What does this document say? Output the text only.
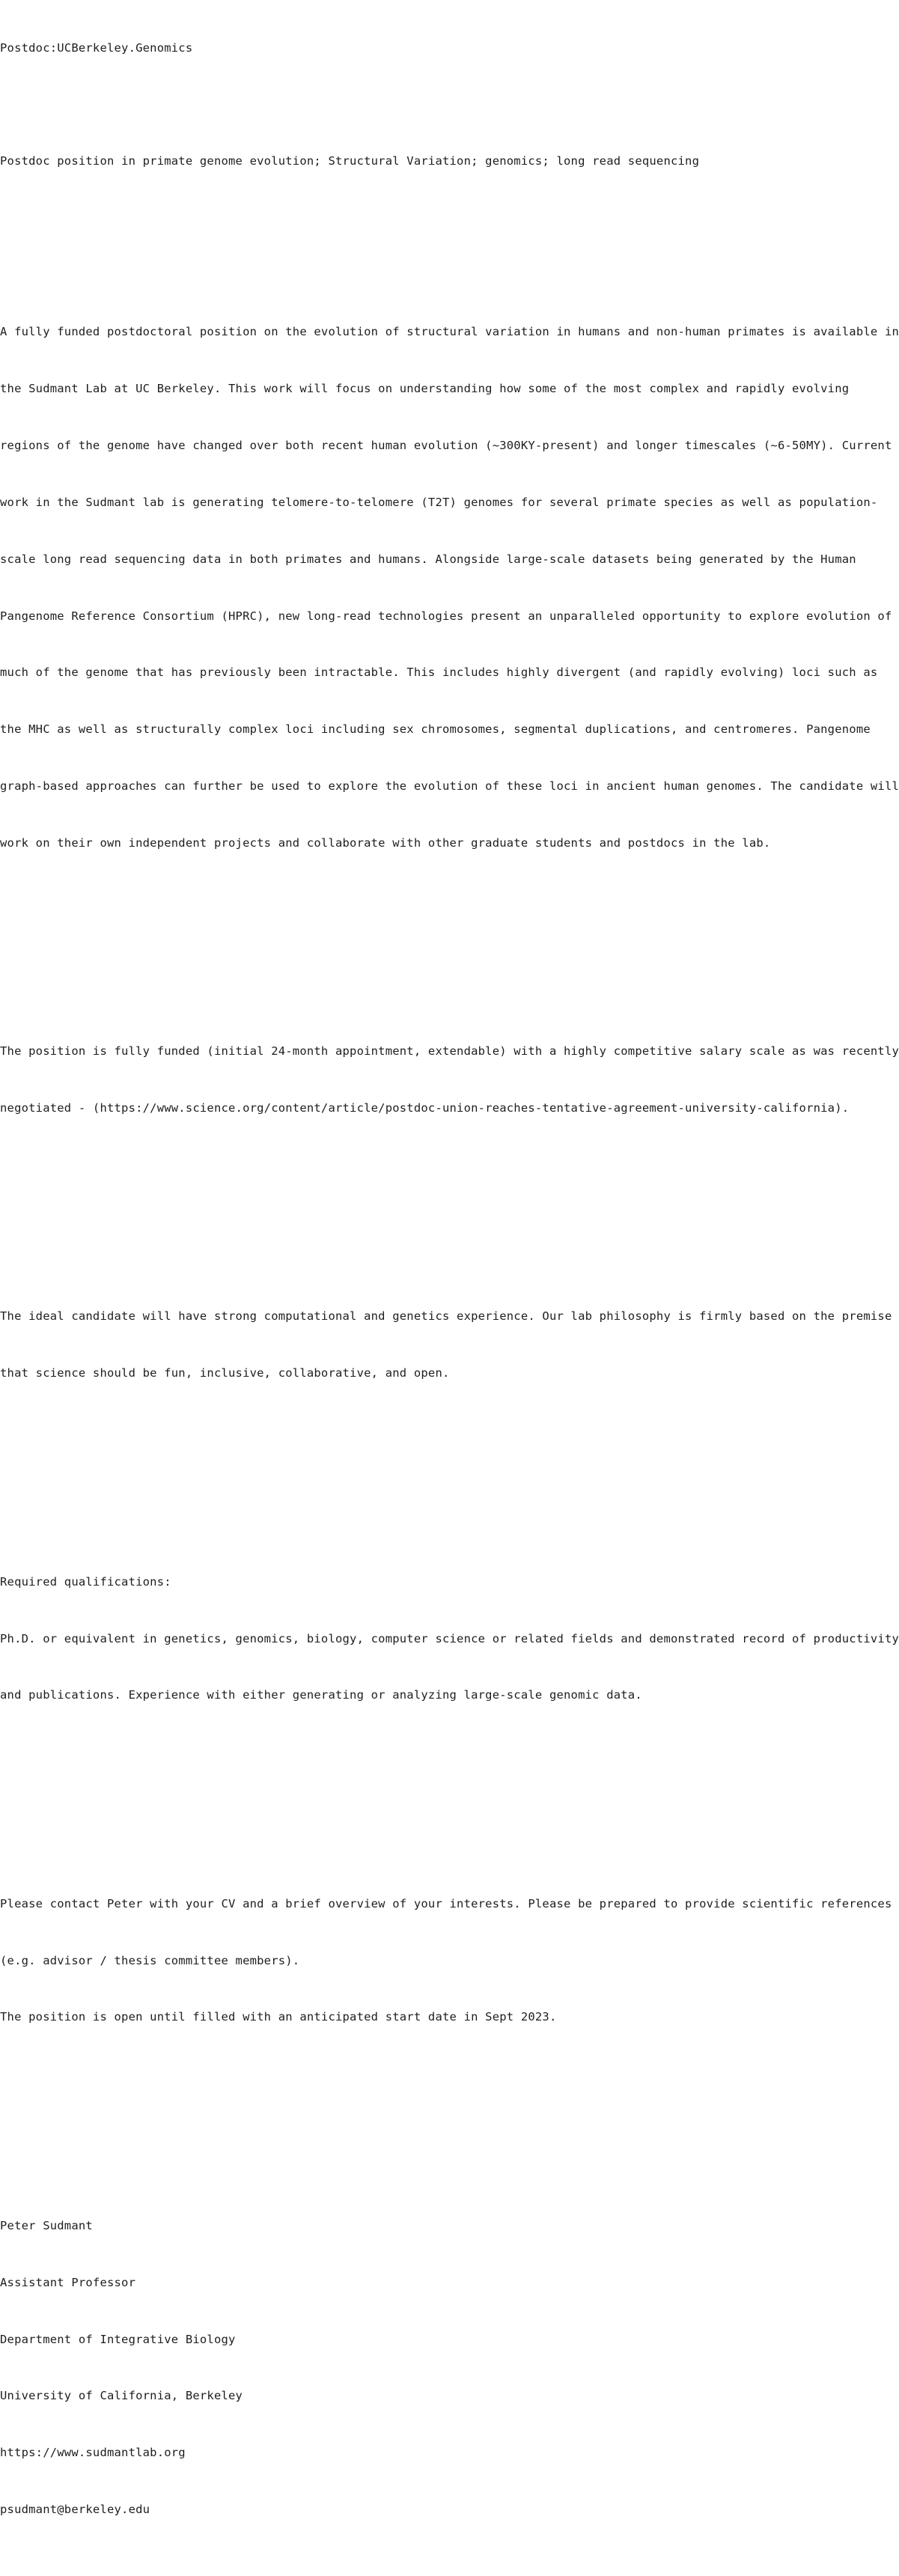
Postdoc:UCBerkeley.Genomics

Postdoc position in primate genome evolution; Structural Variation; genomics; long read sequencing

A fully funded postdoctoral position on the evolution of structural variation in humans and non-human primates is available in

the Sudmant Lab at UC Berkeley. This work will focus on understanding how some of the most complex and rapidly evolving

regions of the genome have changed over both recent human evolution (~300KY-present) and longer timescales (~6-50MY). Current

work in the Sudmant lab is generating telomere-to-telomere (T2T) genomes for several primate species as well as population-

scale long read sequencing data in both primates and humans. Alongside large-scale datasets being generated by the Human

Pangenome Reference Consortium (HPRC), new long-read technologies present an unparalleled opportunity to explore evolution of

much of the genome that has previously been intractable. This includes highly divergent (and rapidly evolving) loci such as

the MHC as well as structurally complex loci including sex chromosomes, segmental duplications, and centromeres. Pangenome

graph-based approaches can further be used to explore the evolution of these loci in ancient human genomes. The candidate will

work on their own independent projects and collaborate with other graduate students and postdocs in the lab.

The position is fully funded (initial 24-month appointment, extendable) with a highly competitive salary scale as was recently

negotiated - (https://www.science.org/content/article/postdoc-union-reaches-tentative-agreement-university-california).

The ideal candidate will have strong computational and genetics experience. Our lab philosophy is firmly based on the premise

that science should be fun, inclusive, collaborative, and open.

Required qualifications:

Ph.D. or equivalent in genetics, genomics, biology, computer science or related fields and demonstrated record of productivity

and publications. Experience with either generating or analyzing large-scale genomic data.

Please contact Peter with your CV and a brief overview of your interests. Please be prepared to provide scientific references

(e.g. advisor / thesis committee members).

The position is open until filled with an anticipated start date in Sept 2023.

Peter Sudmant

Assistant Professor

Department of Integrative Biology

University of California, Berkeley

https://www.sudmantlab.org

psudmant@berkeley.edu
